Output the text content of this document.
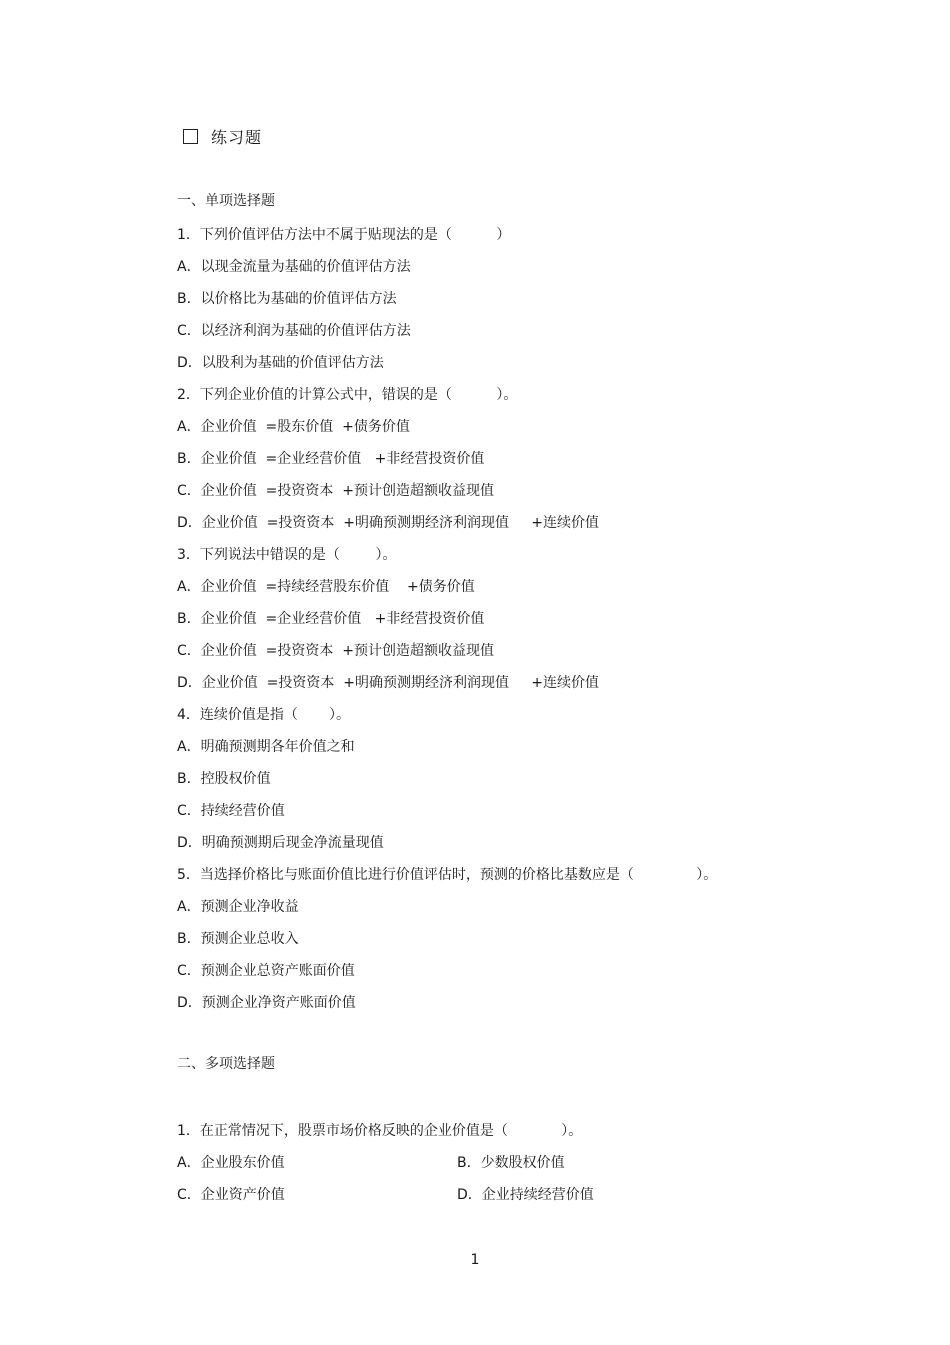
练习题
一、单项选择题
1．下列价值评估方法中不属于贴现法的是（          ）
A．以现金流量为基础的价值评估方法
B．以价格比为基础的价值评估方法
C．以经济利润为基础的价值评估方法
D．以股利为基础的价值评估方法
2．下列企业价值的计算公式中，错误的是（          ）。
A．企业价值  =股东价值  +债务价值
B．企业价值  =企业经营价值   +非经营投资价值
C．企业价值  =投资资本  +预计创造超额收益现值
D．企业价值  =投资资本  +明确预测期经济利润现值     +连续价值
3．下列说法中错误的是（        ）。
A．企业价值  =持续经营股东价值    +债务价值
B．企业价值  =企业经营价值   +非经营投资价值
C．企业价值  =投资资本  +预计创造超额收益现值
D．企业价值  =投资资本  +明确预测期经济利润现值     +连续价值
4．连续价值是指（       ）。
A．明确预测期各年价值之和
B．控股权价值
C．持续经营价值
D．明确预测期后现金净流量现值
5．当选择价格比与账面价值比进行价值评估时，预测的价格比基数应是（              ）。
A．预测企业净收益
B．预测企业总收入
C．预测企业总资产账面价值
D．预测企业净资产账面价值
二、多项选择题
1．在正常情况下，股票市场价格反映的企业价值是（            ）。
A．企业股东价值	B．少数股权价值
C．企业资产价值	D．企业持续经营价值
1
